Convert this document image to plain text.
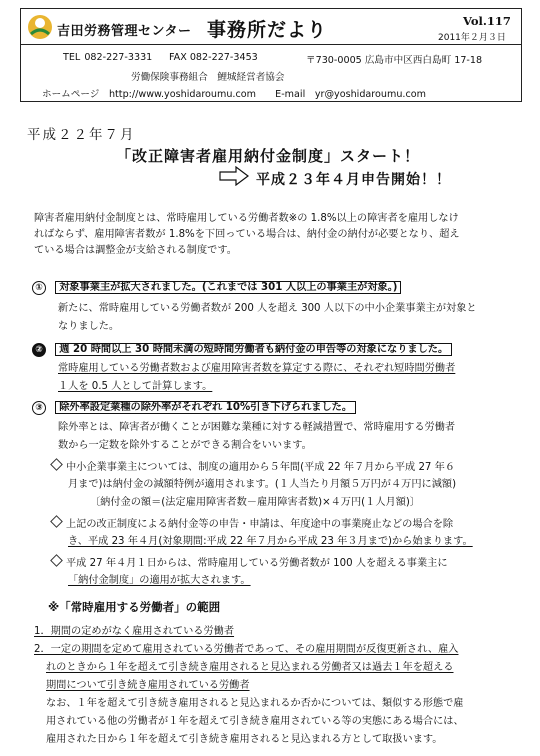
吉田労務管理センター 事務所だより	Vol.117
2011年２月３日
TEL 082-227-3331 FAX 082-227-3453	〒730-0005 広島市中区西白島町 17-18
労働保険事務組合　鯉城経営者協会
ホームページ　http://www.yoshidaroumu.com　　E-mail　yr@yoshidaroumu.com
平成２２年７月
「改正障害者雇用納付金制度」スタート！
平成２３年４月申告開始！！
障害者雇用納付金制度とは、常時雇用している労働者数※の 1.8%以上の障害者を雇用しなけ
ればならず、雇用障害者数が 1.8%を下回っている場合は、納付金の納付が必要となり、超え
ている場合は調整金が支給される制度です。
① 対象事業主が拡大されました。(これまでは 301 人以上の事業主が対象。)
新たに、常時雇用している労働者数が 200 人を超え 300 人以下の中小企業事業主が対象と
なりました。
② 週 20 時間以上 30 時間未満の短時間労働者も納付金の申告等の対象になりました。
常時雇用している労働者数および雇用障害者数を算定する際に、それぞれ短時間労働者
１人を 0.5 人として計算します。
③ 除外率設定業種の除外率がそれぞれ 10%引き下げられました。
除外率とは、障害者が働くことが困難な業種に対する軽減措置で、常時雇用する労働者
数から一定数を除外することができる割合をいいます。
中小企業事業主については、制度の適用から５年間(平成 22 年７月から平成 27 年６
月まで)は納付金の減額特例が適用されます。(１人当たり月額５万円が４万円に減額)
〔納付金の額＝(法定雇用障害者数－雇用障害者数)×４万円(１人月額)〕
上記の改正制度による納付金等の申告・申請は、年度途中の事業廃止などの場合を除
き、平成 23 年４月(対象期間:平成 22 年７月から平成 23 年３月まで)から始まります。
平成 27 年４月１日からは、常時雇用している労働者数が 100 人を超える事業主に
「納付金制度」の適用が拡大されます。
※「常時雇用する労働者」の範囲
1．期間の定めがなく雇用されている労働者
2．一定の期間を定めて雇用されている労働者であって、その雇用期間が反復更新され、雇入
れのときから１年を超えて引き続き雇用されると見込まれる労働者又は過去１年を超える
期間について引き続き雇用されている労働者
なお、１年を超えて引き続き雇用されると見込まれるか否かについては、類似する形態で雇
用されている他の労働者が１年を超えて引き続き雇用されている等の実態にある場合には、
雇用された日から１年を超えて引き続き雇用されると見込まれる方として取扱います。
